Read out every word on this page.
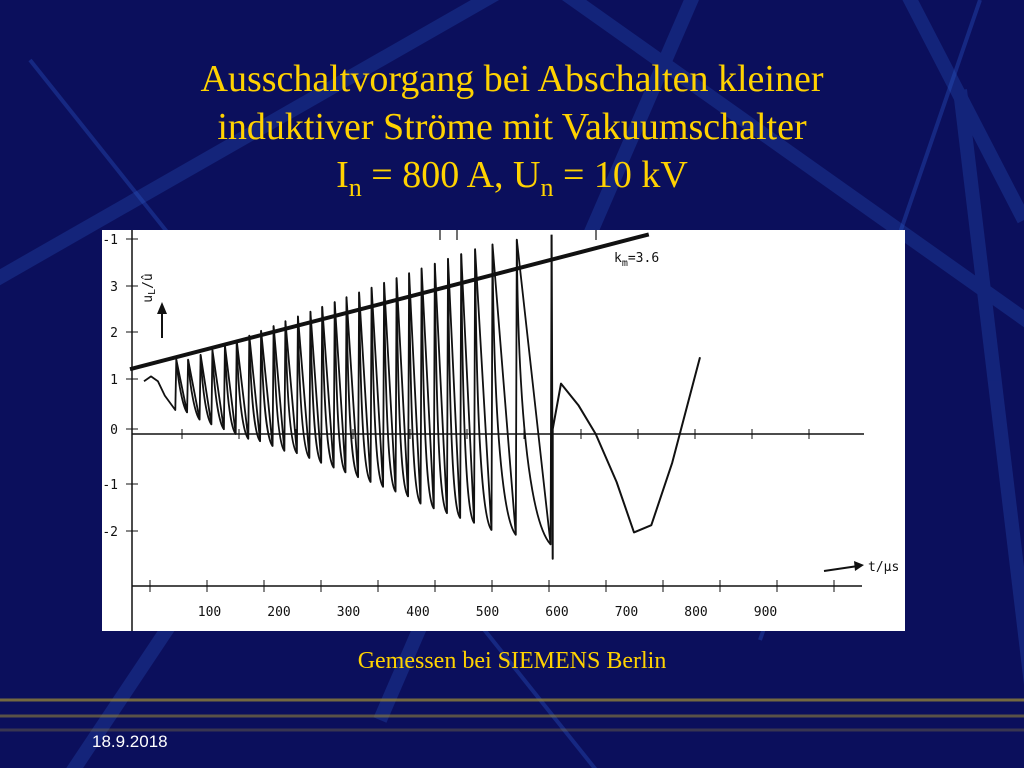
Ausschaltvorgang bei Abschalten kleiner
induktiver Ströme mit Vakuumschalter
$I_n = 800$ A, $U_n = 10$ kV
-1
3
2
1
0
-1
-2
100	200	300	400	500	600	700	800	900
$u_L/û$
$k_m=3.6$
t/µs
Gemessen bei SIEMENS Berlin
18.9.2018
